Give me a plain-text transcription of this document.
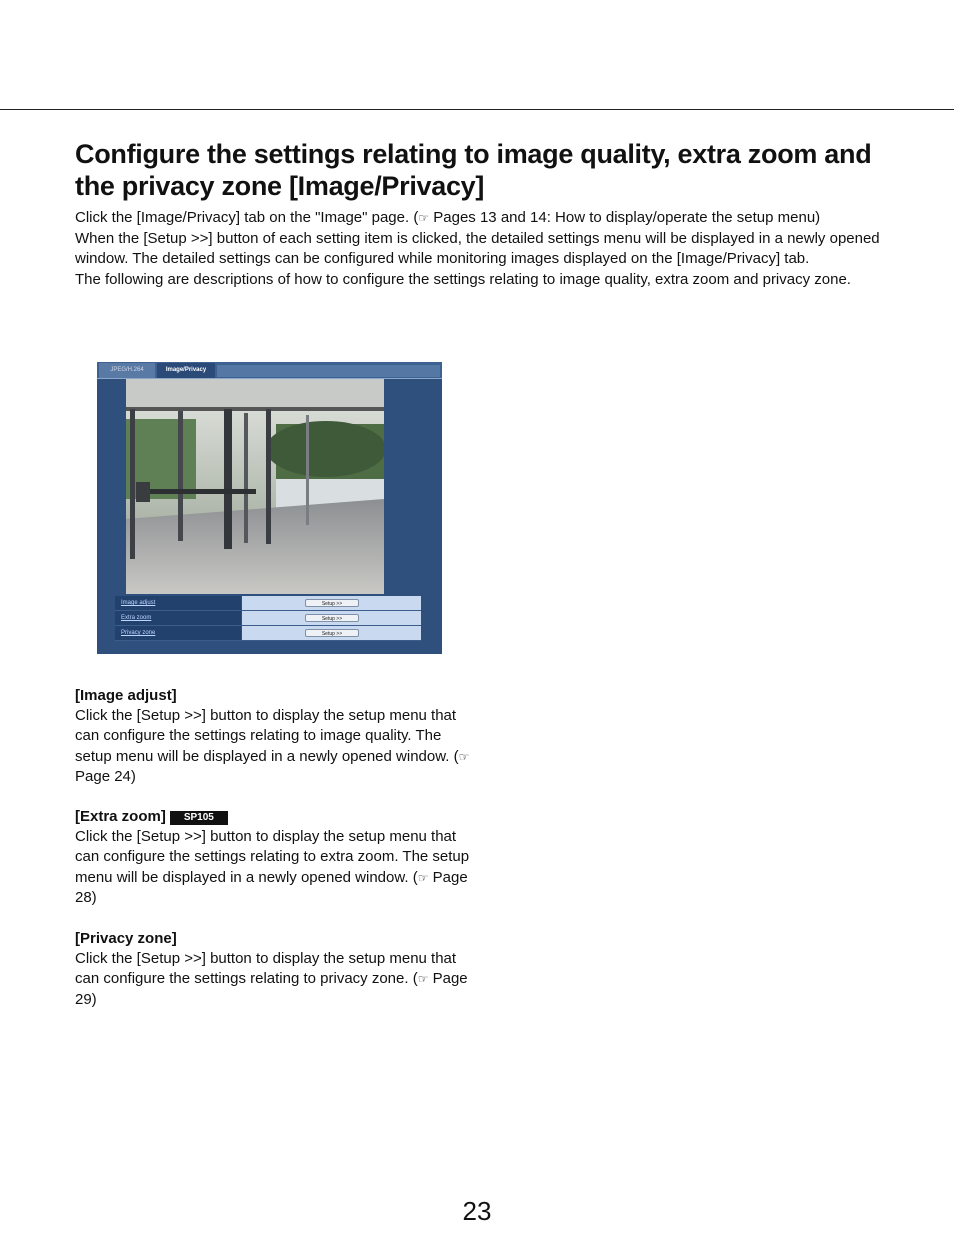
Configure the settings relating to image quality, extra zoom and the privacy zone [Image/Privacy]

Click the [Image/Privacy] tab on the "Image" page. (☞ Pages 13 and 14: How to display/operate the setup menu)

When the [Setup >>] button of each setting item is clicked, the detailed settings menu will be displayed in a newly opened window. The detailed settings can be configured while monitoring images displayed on the [Image/Privacy] tab.

The following are descriptions of how to configure the settings relating to image quality, extra zoom and privacy zone.

JPEG/H.264	Image/Privacy
Image adjust	Setup >>
Extra zoom	Setup >>
Privacy zone	Setup >>
[Image adjust]

Click the [Setup >>] button to display the setup menu that can configure the settings relating to image quality. The setup menu will be displayed in a newly opened window. (☞ Page 24)

[Extra zoom] SP105

Click the [Setup >>] button to display the setup menu that can configure the settings relating to extra zoom. The setup menu will be displayed in a newly opened window. (☞ Page 28)

[Privacy zone]

Click the [Setup >>] button to display the setup menu that can configure the settings relating to privacy zone. (☞ Page 29)

23
